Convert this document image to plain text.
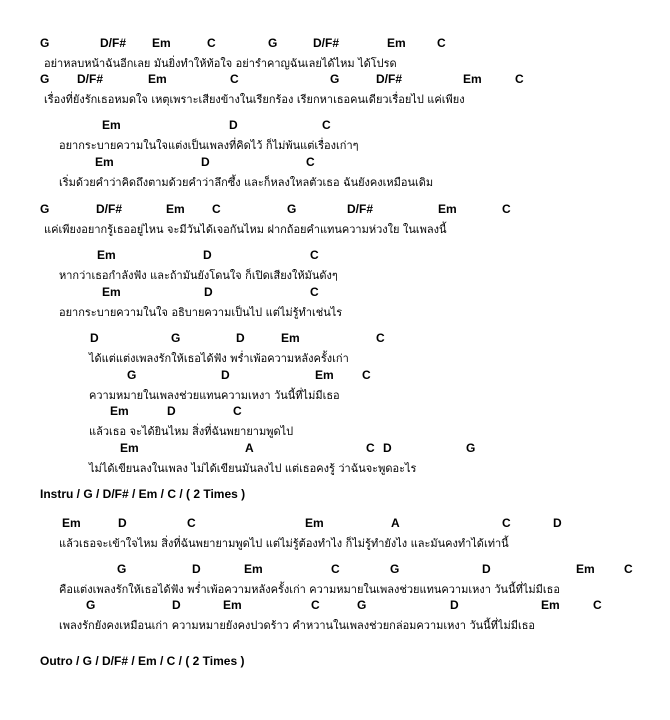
G	D/F# Em	C	G	D/F#	Em	C
อย่าหลบหน้าฉันอีกเลย มันยิ่งทำให้ท้อใจ อย่ารำคาญฉันเลยได้ไหม ได้โปรด
G D/F#	Em	C	G	D/F#	Em	C
เรื่องที่ยังรักเธอหมดใจ เหตุเพราะเสียงข้างในเรียกร้อง เรียกหาเธอคนเดียวเรื่อยไป แค่เพียง
Em	D	C
อยากระบายความในใจแต่งเป็นเพลงที่คิดไว้ ก็ไม่พ้นแต่เรื่องเก่าๆ
Em	D	C
เริ่มด้วยคำว่าคิดถึงตามด้วยคำว่าลึกซึ้ง และก็หลงใหลตัวเธอ ฉันยังคงเหมือนเดิม
G	D/F#	Em C	G	D/F#	Em	C
แค่เพียงอยากรู้เธออยู่ไหน จะมีวันได้เจอกันไหม ฝากถ้อยคำแทนความห่วงใย ในเพลงนี้
Em	D	C
หากว่าเธอกำลังฟัง และถ้ามันยังโดนใจ ก็เปิดเสียงให้มันดังๆ
Em	D	C
อยากระบายความในใจ อธิบายความเป็นไป แต่ไม่รู้ทำเช่นไร
D	G	D	Em	C
ได้แต่แต่งเพลงรักให้เธอได้ฟัง พร่ำเพ้อความหลังครั้งเก่า
G	D	Em C
ความหมายในเพลงช่วยแทนความเหงา วันนี้ที่ไม่มีเธอ
Em	D	C
แล้วเธอ จะได้ยินไหม สิ่งที่ฉันพยายามพูดไป
Em	A	C D	G
ไม่ได้เขียนลงในเพลง ไม่ได้เขียนมันลงไป แต่เธอคงรู้ ว่าฉันจะพูดอะไร
Em	D	C	Em	A	C	D
แล้วเธอจะเข้าใจไหม สิ่งที่ฉันพยายามพูดไป แต่ไม่รู้ต้องทำไง ก็ไม่รู้ทำยังไง และมันคงทำได้เท่านี้
G	D	Em	C	G	D	Em C
คือแต่งเพลงรักให้เธอได้ฟัง พร่ำเพ้อความหลังครั้งเก่า ความหมายในเพลงช่วยแทนความเหงา วันนี้ที่ไม่มีเธอ
G	D	Em	C	G	D	Em	C
เพลงรักยังคงเหมือนเก่า ความหมายยังคงปวดร้าว คำหวานในเพลงช่วยกล่อมความเหงา วันนี้ที่ไม่มีเธอ
Instru / G / D/F# / Em / C / ( 2 Times )
Outro / G / D/F# / Em / C / ( 2 Times )
